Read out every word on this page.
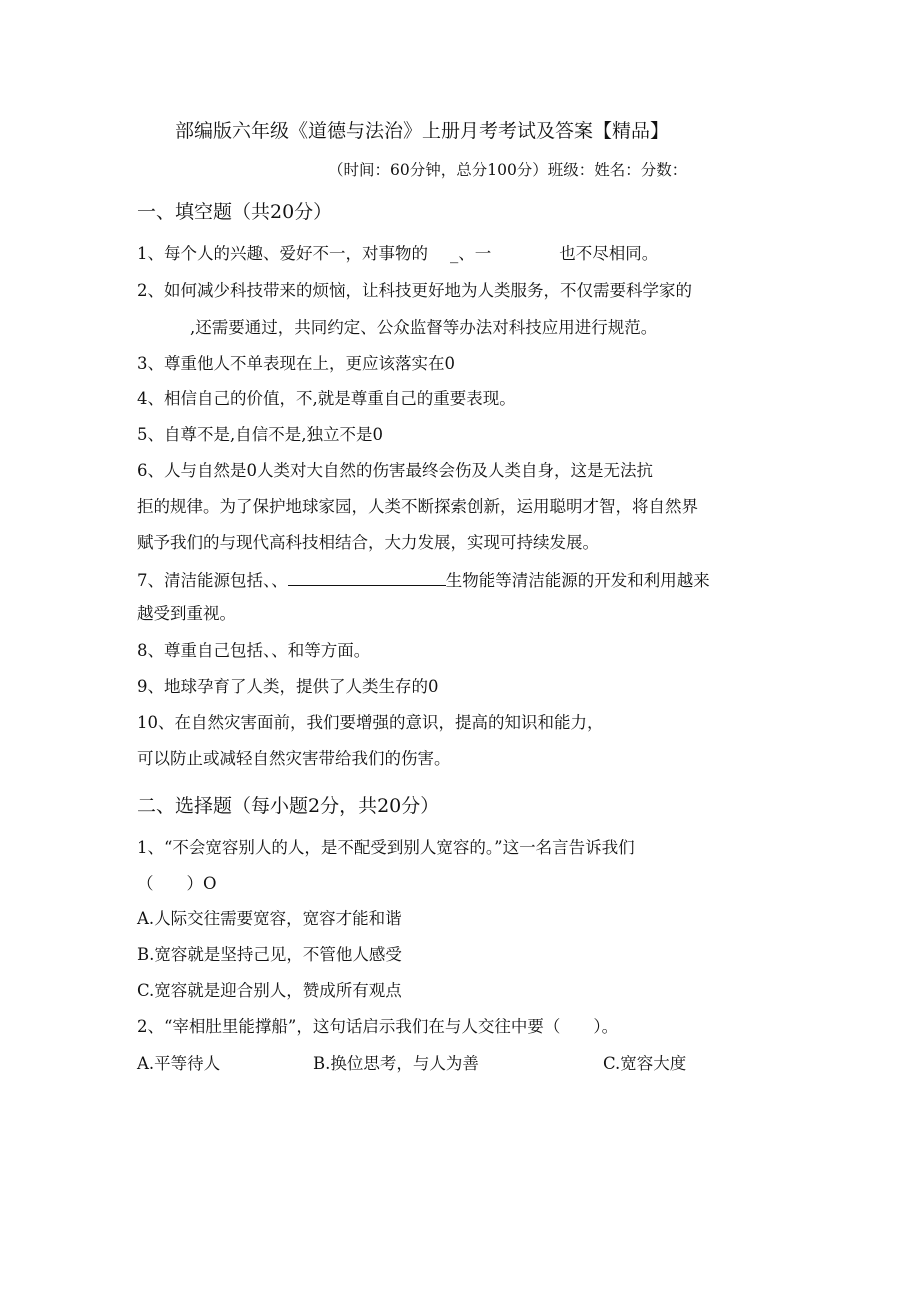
部编版六年级《道德与法治》上册月考考试及答案【精品】
（时间：60分钟，总分100分）班级：姓名：分数：
一、填空题（共20分）
1、每个人的兴趣、爱好不一，对事物的 _、一	也不尽相同。
2、如何减少科技带来的烦恼，让科技更好地为人类服务，不仅需要科学家的
,还需要通过，共同约定、公众监督等办法对科技应用进行规范。
3、尊重他人不单表现在上，更应该落实在0
4、相信自己的价值，不,就是尊重自己的重要表现。
5、自尊不是,自信不是,独立不是0
6、人与自然是0人类对大自然的伤害最终会伤及人类自身，这是无法抗
拒的规律。为了保护地球家园，人类不断探索创新，运用聪明才智，将自然界
赋予我们的与现代高科技相结合，大力发展，实现可持续发展。
7、清洁能源包括、、	生物能等清洁能源的开发和利用越来
越受到重视。
8、尊重自己包括、、和等方面。
9、地球孕育了人类，提供了人类生存的0
10、在自然灾害面前，我们要增强的意识，提高的知识和能力，
可以防止或减轻自然灾害带给我们的伤害。
二、选择题（每小题2分，共20分）
1、“不会宽容别人的人，是不配受到别人宽容的。”这一名言告诉我们
（　　）O
A.人际交往需要宽容，宽容才能和谐
B.宽容就是坚持己见，不管他人感受
C.宽容就是迎合别人，赞成所有观点
2、“宰相肚里能撑船”，这句话启示我们在与人交往中要（　　）。
A.平等待人	B.换位思考，与人为善	C.宽容大度
